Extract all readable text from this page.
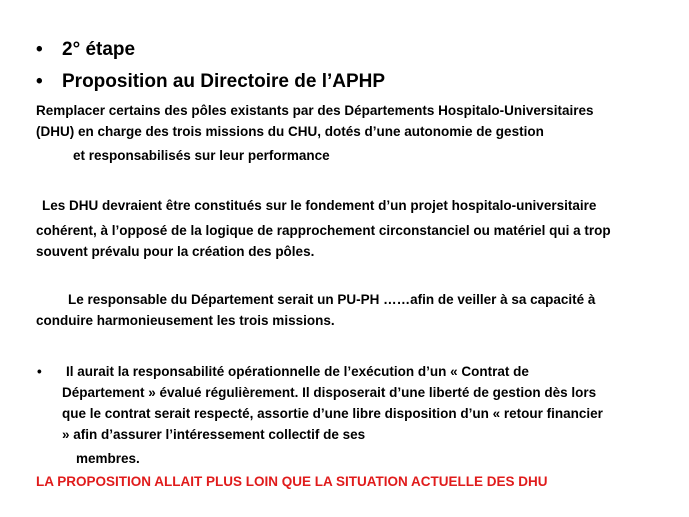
• 2° étape
• Proposition au Directoire de l’APHP
Remplacer certains des pôles existants par des Départements Hospitalo-Universitaires
(DHU) en charge des trois missions du CHU, dotés d’une autonomie de gestion
et responsabilisés sur leur performance
Les DHU devraient être constitués sur le fondement d’un projet hospitalo-universitaire
cohérent, à l’opposé de la logique de rapprochement circonstanciel ou matériel qui a trop
souvent prévalu pour la création des pôles.
Le responsable du Département serait un PU-PH ……afin de veiller à sa capacité à
conduire harmonieusement les trois missions.
• Il aurait la responsabilité opérationnelle de l’exécution d’un « Contrat de
Département » évalué régulièrement. Il disposerait d’une liberté de gestion dès lors
que le contrat serait respecté, assortie d’une libre disposition d’un « retour financier
» afin d’assurer l’intéressement collectif de ses
membres.
LA PROPOSITION ALLAIT PLUS LOIN QUE LA SITUATION ACTUELLE DES DHU
